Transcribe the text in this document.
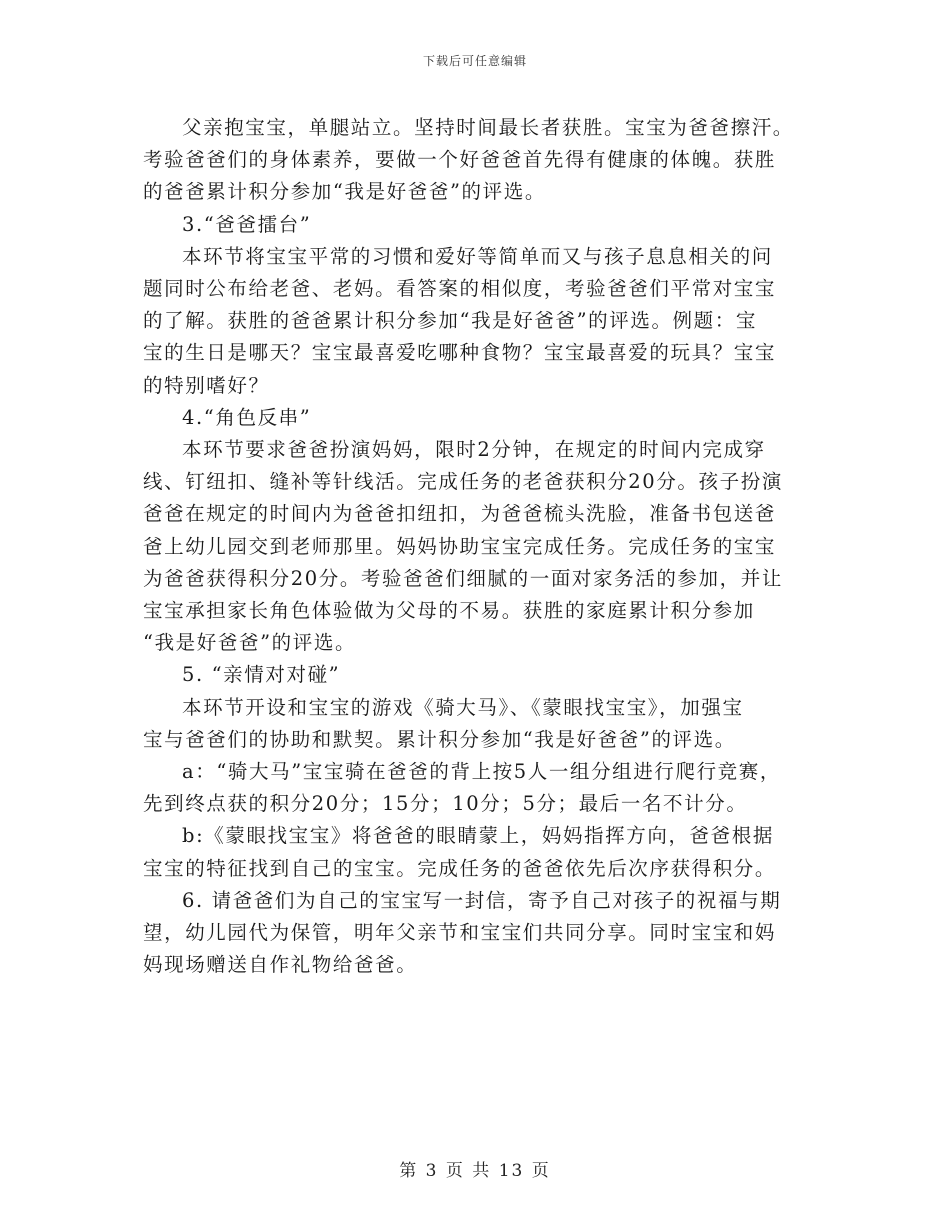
下载后可任意编辑

父亲抱宝宝，单腿站立。坚持时间最长者获胜。宝宝为爸爸擦汗。
考验爸爸们的身体素养，要做一个好爸爸首先得有健康的体魄。获胜
的爸爸累计积分参加“我是好爸爸”的评选。

3.“爸爸擂台”

本环节将宝宝平常的习惯和爱好等简单而又与孩子息息相关的问
题同时公布给老爸、老妈。看答案的相似度，考验爸爸们平常对宝宝
的了解。获胜的爸爸累计积分参加“我是好爸爸”的评选。例题：宝
宝的生日是哪天？宝宝最喜爱吃哪种食物？宝宝最喜爱的玩具？宝宝
的特别嗜好？

4.“角色反串”

本环节要求爸爸扮演妈妈，限时2分钟，在规定的时间内完成穿
线、钉纽扣、缝补等针线活。完成任务的老爸获积分20分。孩子扮演
爸爸在规定的时间内为爸爸扣纽扣，为爸爸梳头洗脸，准备书包送爸
爸上幼儿园交到老师那里。妈妈协助宝宝完成任务。完成任务的宝宝
为爸爸获得积分20分。考验爸爸们细腻的一面对家务活的参加，并让
宝宝承担家长角色体验做为父母的不易。获胜的家庭累计积分参加
“我是好爸爸”的评选。

5. “亲情对对碰”

本环节开设和宝宝的游戏《骑大马》、《蒙眼找宝宝》，加强宝
宝与爸爸们的协助和默契。累计积分参加“我是好爸爸”的评选。

a：“骑大马”宝宝骑在爸爸的背上按5人一组分组进行爬行竞赛，
先到终点获的积分20分；15分；10分；5分；最后一名不计分。

b:《蒙眼找宝宝》将爸爸的眼睛蒙上，妈妈指挥方向，爸爸根据
宝宝的特征找到自己的宝宝。完成任务的爸爸依先后次序获得积分。

6. 请爸爸们为自己的宝宝写一封信，寄予自己对孩子的祝福与期
望，幼儿园代为保管，明年父亲节和宝宝们共同分享。同时宝宝和妈
妈现场赠送自作礼物给爸爸。

第 3 页 共 13 页
